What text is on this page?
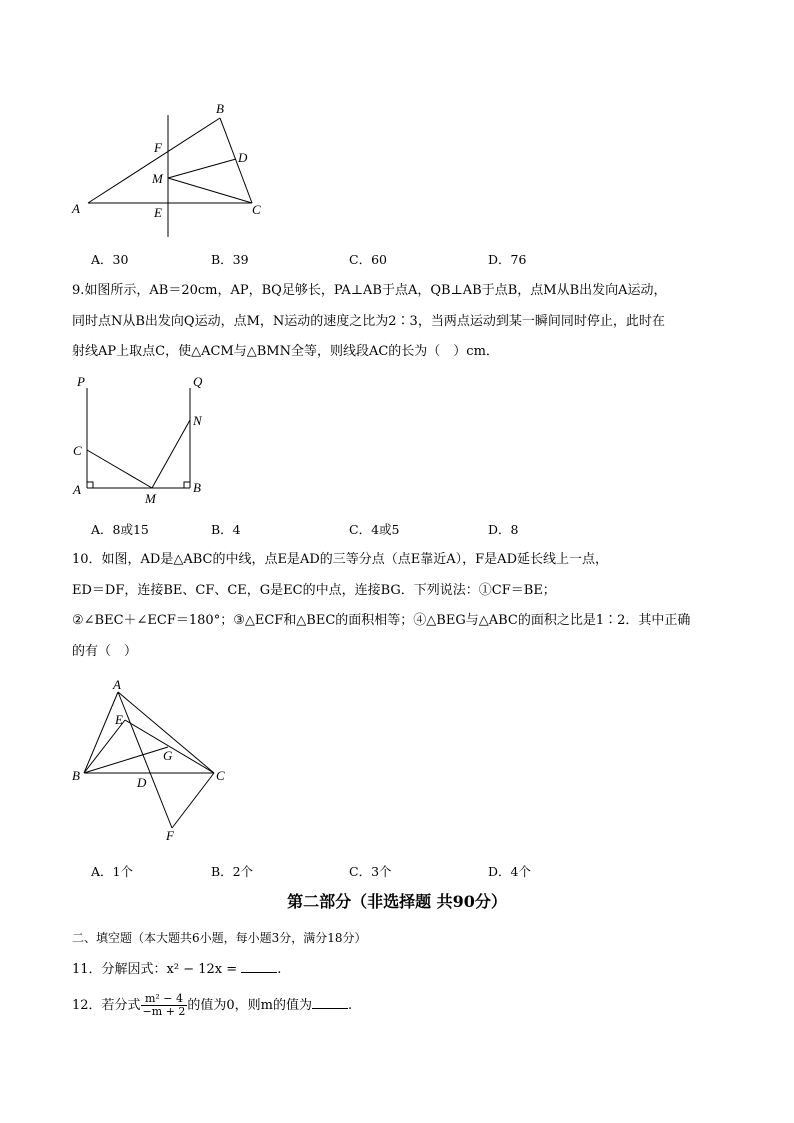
B
F
D
M
A	E	C
A．30	B．39	C．60	D．76
9.如图所示，AB＝20cm，AP，BQ足够长，PA⊥AB于点A，QB⊥AB于点B，点M从B出发向A运动，
同时点N从B出发向Q运动，点M，N运动的速度之比为2∶3，当两点运动到某一瞬间同时停止，此时在
射线AP上取点C，使△ACM与△BMN全等，则线段AC的长为（　）cm．
P	Q
N
C
A
M
B
A．8或15	B．4	C．4或5	D．8
10．如图，AD是△ABC的中线，点E是AD的三等分点（点E靠近A），F是AD延长线上一点，
ED＝DF，连接BE、CF、CE，G是EC的中点，连接BG．下列说法：①CF＝BE；
②∠BEC＋∠ECF＝180°；③△ECF和△BEC的面积相等；④△BEG与△ABC的面积之比是1∶2．其中正确
的有（　）
A
E
G
B	D	C
F
A．1个	B．2个	C．3个	D．4个
第二部分（非选择题 共90分）
二、填空题（本大题共6小题，每小题3分，满分18分）
11．分解因式：x² − 12x =	.
12．若分式 $\frac{\text{m² − 4}}{-m + 2}$ 的值为0，则m的值为	.
